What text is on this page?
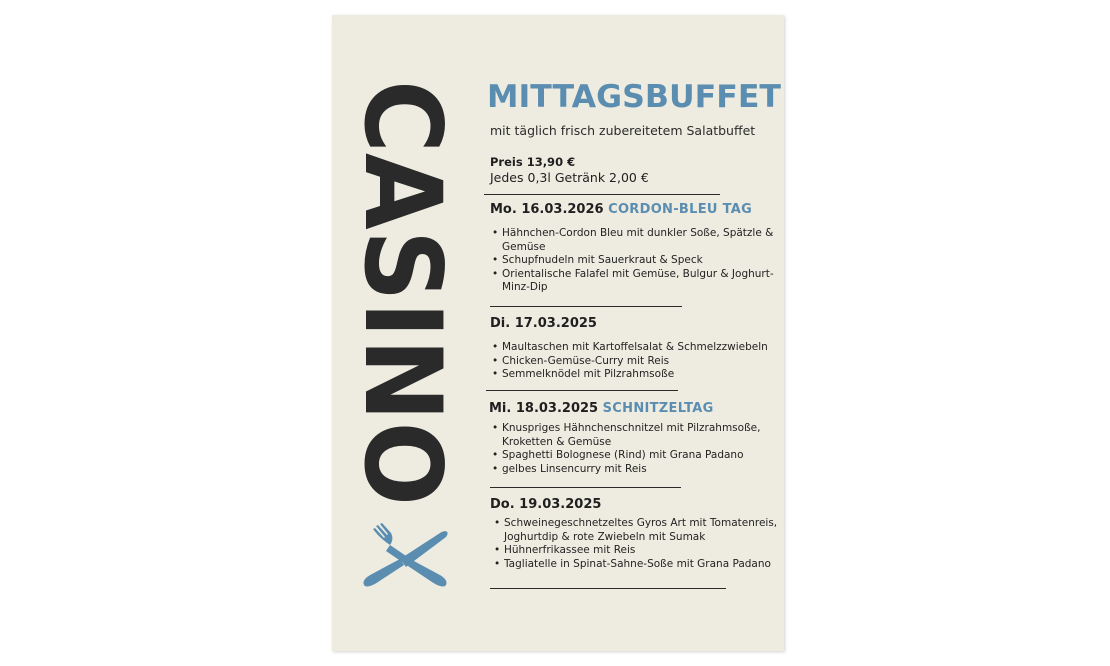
CASINO MITTAGSBUFFET
mit täglich frisch zubereitetem Salatbuffet
Preis 13,90 €
Jedes 0,3l Getränk 2,00 €
Mo. 16.03.2026 CORDON-BLEU TAG
• Hähnchen-Cordon Bleu mit dunkler Soße, Spätzle & Gemüse
• Schupfnudeln mit Sauerkraut & Speck
• Orientalische Falafel mit Gemüse, Bulgur & Joghurt-Minz-Dip
Di. 17.03.2025
• Maultaschen mit Kartoffelsalat & Schmelzzwiebeln
• Chicken-Gemüse-Curry mit Reis
• Semmelknödel mit Pilzrahmsoße
Mi. 18.03.2025 SCHNITZELTAG
• Knuspriges Hähnchenschnitzel mit Pilzrahmsoße, Kroketten & Gemüse
• Spaghetti Bolognese (Rind) mit Grana Padano
• gelbes Linsencurry mit Reis
Do. 19.03.2025
• Schweinegeschnetzeltes Gyros Art mit Tomatenreis, Joghurtdip & rote Zwiebeln mit Sumak
• Hühnerfrikassee mit Reis
• Tagliatelle in Spinat-Sahne-Soße mit Grana Padano
